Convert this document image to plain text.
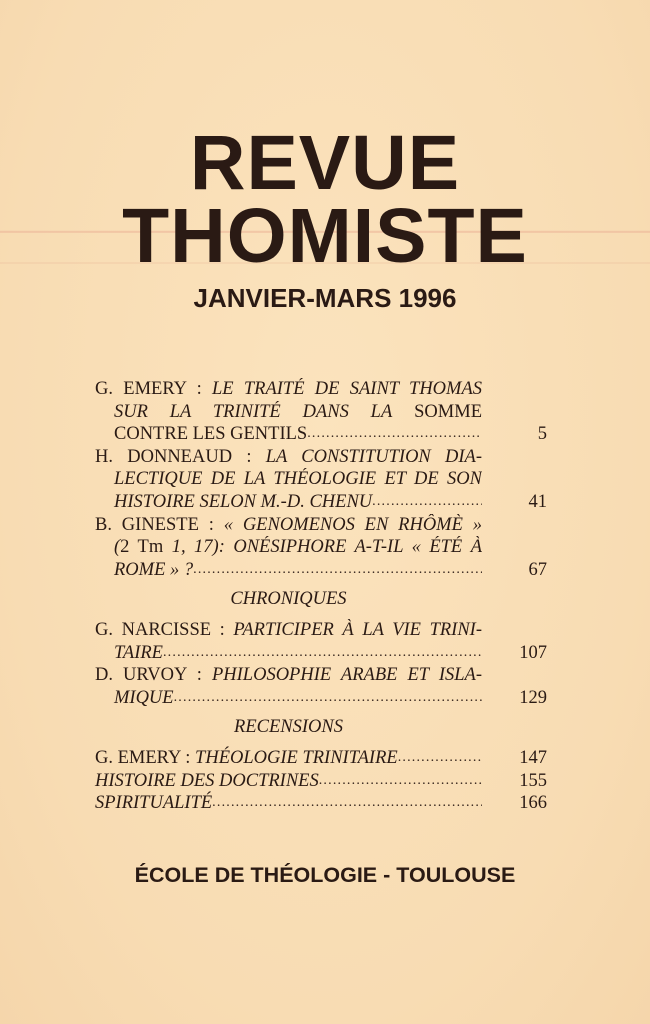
REVUE
THOMISTE
JANVIER-MARS 1996
G. EMERY : LE TRAITÉ DE SAINT THOMAS
SUR LA TRINITÉ DANS LA SOMME
CONTRE LES GENTILS .....	5
H. DONNEAUD : LA CONSTITUTION DIA-
LECTIQUE DE LA THÉOLOGIE ET DE SON
HISTOIRE SELON M.-D. CHENU .....	41
B. GINESTE : « GENOMENOS EN RHÔMÈ »
(2 Tm 1, 17): ONÉSIPHORE A-T-IL « ÉTÉ À
ROME » ? .....	67
CHRONIQUES
G. NARCISSE : PARTICIPER À LA VIE TRINI-
TAIRE .....	107
D. URVOY : PHILOSOPHIE ARABE ET ISLA-
MIQUE .....	129
RECENSIONS
G. EMERY :
THÉOLOGIE TRINITAIRE .....	147
HISTOIRE DES DOCTRINES .....	155
SPIRITUALITÉ .....	166
ÉCOLE DE THÉOLOGIE - TOULOUSE
